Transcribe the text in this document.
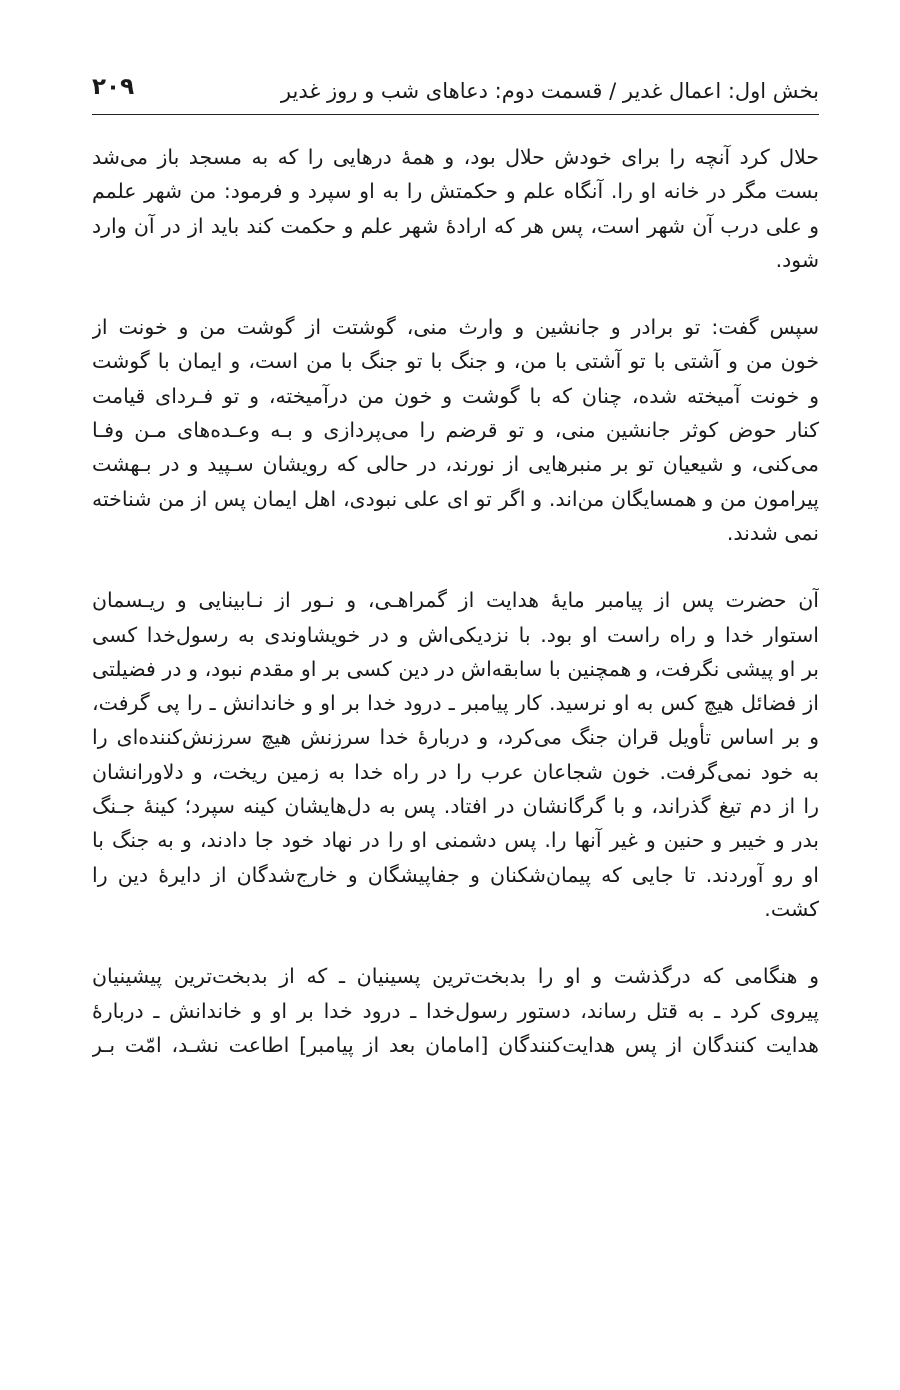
بخش اول: اعمال غدیر / قسمت دوم: دعاهای شب و روز غدیر
۲۰۹
حلال کرد آنچه را برای خودش حلال بود، و همهٔ درهایی را که به مسجد باز می‌شد
بست مگر در خانه او را. آنگاه علم و حکمتش را به او سپرد و فرمود: من شهر علمم
و علی درب آن شهر است، پس هر که ارادهٔ شهر علم و حکمت کند باید از در آن وارد
شود.
سپس گفت: تو برادر و جانشین و وارث منی، گوشتت از گوشت من و خونت از
خون من و آشتی با تو آشتی با من، و جنگ با تو جنگ با من است، و ایمان با گوشت
و خونت آمیخته شده، چنان که با گوشت و خون من درآمیخته، و تو فـردای قیامت
کنار حوض کوثر جانشین منی، و تو قرضم را می‌پردازی و بـه وعـده‌های مـن وفـا
می‌کنی، و شیعیان تو بر منبرهایی از نورند، در حالی که رویشان سـپید و در بـهشت
پیرامون من و همسایگان من‌اند. و اگر تو ای علی نبودی، اهل ایمان پس از من شناخته
نمی شدند.
آن حضرت پس از پیامبر مایهٔ هدایت از گمراهـی، و نـور از نـابینایی و ریـسمان
استوار خدا و راه راست او بود. با نزدیکی‌اش و در خویشاوندی به رسول‌خدا کسی
بر او پیشی نگرفت، و همچنین با سابقه‌اش در دین کسی بر او مقدم نبود، و در فضیلتی
از فضائل هیچ کس به او نرسید. کار پیامبر ـ درود خدا بر او و خاندانش ـ را پی گرفت،
و بر اساس تأویل قران جنگ می‌کرد، و دربارهٔ خدا سرزنش هیچ سرزنش‌کننده‌ای را
به خود نمی‌گرفت. خون شجاعان عرب را در راه خدا به زمین ریخت، و دلاورانشان
را از دم تیغ گذراند، و با گرگانشان در افتاد. پس به دل‌هایشان کینه سپرد؛ کینهٔ جـنگ
بدر و خیبر و حنین و غیر آنها را. پس دشمنی او را در نهاد خود جا دادند، و به جنگ با
او رو آوردند. تا جایی که پیمان‌شکنان و جفاپیشگان و خارج‌شدگان از دایرهٔ دین را
کشت.
و هنگامی که درگذشت و او را بدبخت‌ترین پسینیان ـ که از بدبخت‌ترین پیشینیان
پیروی کرد ـ به قتل رساند، دستور رسول‌خدا ـ درود خدا بر او و خاندانش ـ دربارهٔ
هدایت کنندگان از پس هدایت‌کنندگان [امامان بعد از پیامبر] اطاعت نشـد، امّت بـر
